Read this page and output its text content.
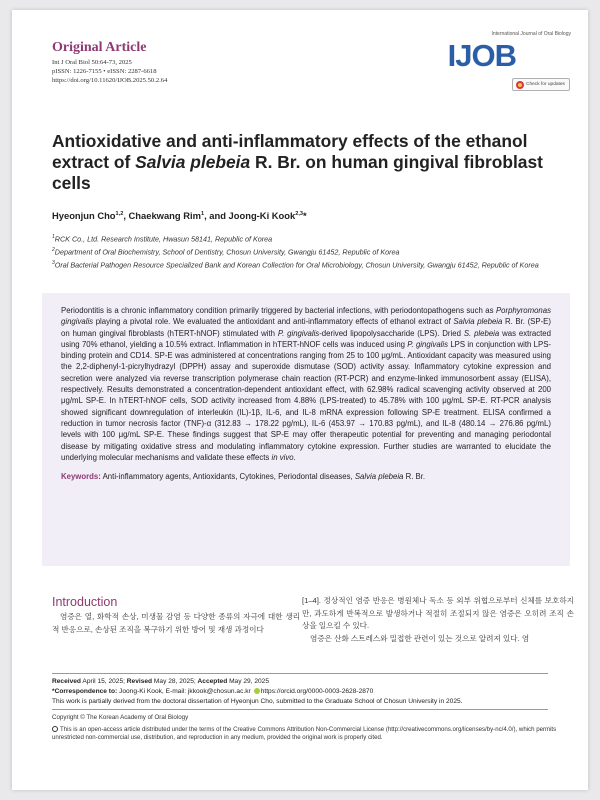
Original Article
Int J Oral Biol 50:64-73, 2025
pISSN: 1226-7155 • eISSN: 2287-6618
https://doi.org/10.11620/IJOB.2025.50.2.64
International Journal of Oral Biology
IJOB
Check for updates
Antioxidative and anti-inflammatory effects of the ethanol extract of Salvia plebeia R. Br. on human gingival fibroblast cells
Hyeonjun Cho$^{1,2}$, Chaekwang Rim$^1$, and Joong-Ki Kook$^{2,3}$*
$^1$RCK Co., Ltd. Research Institute, Hwasun 58141, Republic of Korea
$^2$Department of Oral Biochemistry, School of Dentistry, Chosun University, Gwangju 61452, Republic of Korea
$^3$Oral Bacterial Pathogen Resource Specialized Bank and Korean Collection for Oral Microbiology, Chosun University, Gwangju 61452, Republic of Korea

Periodontitis is a chronic inflammatory condition primarily triggered by bacterial infections, with periodontopathogens such as Porphyromonas gingivalis playing a pivotal role. We evaluated the antioxidant and anti-inflammatory effects of ethanol extract of Salvia plebeia R. Br. (SP-E) on human gingival fibroblasts (hTERT-hNOF) stimulated with P. gingivalis-derived lipopolysaccharide (LPS). Dried S. plebeia was extracted using 70% ethanol, yielding a 10.5% extract. Inflammation in hTERT-hNOF cells was induced using P. gingivalis LPS in conjunction with LPS-binding protein and CD14. SP-E was administered at concentrations ranging from 25 to 100 μg/mL. Antioxidant capacity was measured using the 2,2-diphenyl-1-picrylhydrazyl (DPPH) assay and superoxide dismutase (SOD) activity assay. Inflammatory cytokine expression and secretion were analyzed via reverse transcription polymerase chain reaction (RT-PCR) and enzyme-linked immunosorbent assay (ELISA), respectively. Results demonstrated a concentration-dependent antioxidant effect, with 62.98% radical scavenging activity observed at 200 μg/mL SP-E. In hTERT-hNOF cells, SOD activity increased from 4.88% (LPS-treated) to 45.78% with 100 μg/mL SP-E. RT-PCR analysis showed significant downregulation of interleukin (IL)-1β, IL-6, and IL-8 mRNA expression following SP-E treatment. ELISA confirmed a reduction in tumor necrosis factor (TNF)-α (312.83 → 178.22 pg/mL), IL-6 (453.97 → 170.83 pg/mL), and IL-8 (480.14 → 276.86 pg/mL) levels with 100 μg/mL SP-E. These findings suggest that SP-E may offer therapeutic potential for preventing and managing periodontal disease by mitigating oxidative stress and modulating inflammatory cytokine expression. Further studies are warranted to elucidate the underlying molecular mechanisms and validate these effects in vivo.

Keywords: Anti-inflammatory agents, Antioxidants, Cytokines, Periodontal diseases, Salvia plebeia R. Br.

Introduction

염증은 열, 화학적 손상, 미생물 감염 등 다양한 종류의 자극에 대한 생리적 반응으로, 손상된 조직을 복구하기 위한 방어 및 재생 과정이다

[1–4]. 정상적인 염증 반응은 병원체나 독소 등 외부 위협으로부터 신체를 보호하지만, 과도하게 반복적으로 발생하거나 적절히 조절되지 않은 염증은 오히려 조직 손상을 일으킬 수 있다.

염증은 산화 스트레스와 밀접한 관련이 있는 것으로 알려져 있다. 염

Received April 15, 2025; Revised May 28, 2025; Accepted May 29, 2025
*Correspondence to: Joong-Ki Kook, E-mail: jkkook@chosun.ac.kr https://orcid.org/0000-0003-2628-2870
This work is partially derived from the doctoral dissertation of Hyeonjun Cho, submitted to the Graduate School of Chosun University in 2025.
Copyright © The Korean Academy of Oral Biology
This is an open-access article distributed under the terms of the Creative Commons Attribution Non-Commercial License (http://creativecommons.org/licenses/by-nc/4.0/), which permits unrestricted non-commercial use, distribution, and reproduction in any medium, provided the original work is properly cited.
